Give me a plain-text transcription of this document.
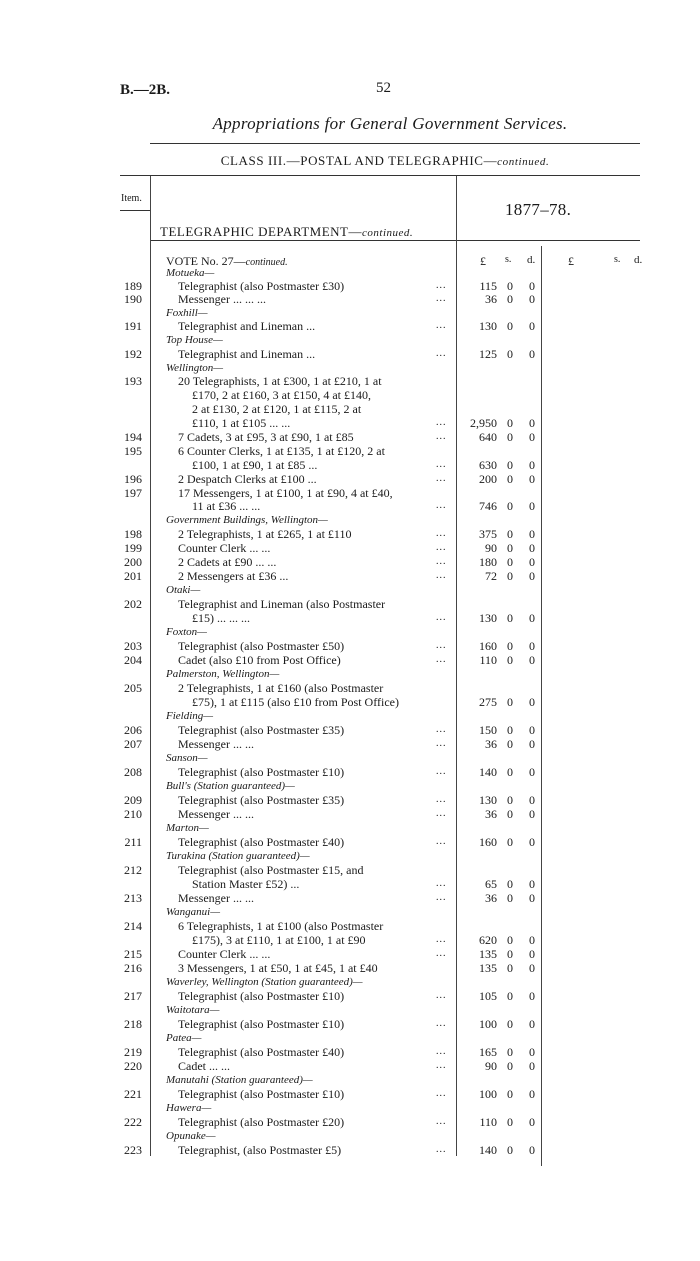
B.—2B.	52
Appropriations for General Government Services.
CLASS III.—POSTAL AND TELEGRAPHIC—continued.
Item.
1877–78.
TELEGRAPHIC DEPARTMENT—continued.
VOTE No. 27—continued.	£ s. d.	£	s. d.
Motueka—
189	Telegraphist (also Postmaster £30)	...	115 0 0
190	Messenger ... ... ...	...	36 0 0
Foxhill—
191	Telegraphist and Lineman ...	...	130 0 0
Top House—
192	Telegraphist and Lineman ...	...	125 0 0
Wellington—
193	20 Telegraphists, 1 at £300, 1 at £210, 1 at
£170, 2 at £160, 3 at £150, 4 at £140,
2 at £130, 2 at £120, 1 at £115, 2 at
£110, 1 at £105 ... ...	...	2,950 0 0
194	7 Cadets, 3 at £95, 3 at £90, 1 at £85	...	640 0 0
195	6 Counter Clerks, 1 at £135, 1 at £120, 2 at
£100, 1 at £90, 1 at £85 ...	...	630 0 0
196	2 Despatch Clerks at £100 ...	...	200 0 0
197	17 Messengers, 1 at £100, 1 at £90, 4 at £40,
11 at £36 ... ...	...	746 0 0
Government Buildings, Wellington—
198	2 Telegraphists, 1 at £265, 1 at £110	...	375 0 0
199	Counter Clerk ... ...	...	90 0 0
200	2 Cadets at £90 ... ...	...	180 0 0
201	2 Messengers at £36 ...	...	72 0 0
Otaki—
202	Telegraphist and Lineman (also Postmaster
£15) ... ... ...	...	130 0 0
Foxton—
203	Telegraphist (also Postmaster £50)	...	160 0 0
204	Cadet (also £10 from Post Office)	...	110 0 0
Palmerston, Wellington—
205	2 Telegraphists, 1 at £160 (also Postmaster
£75), 1 at £115 (also £10 from Post Office)	275 0 0
Fielding—
206	Telegraphist (also Postmaster £35)	...	150 0 0
207	Messenger ... ...	...	36 0 0
Sanson—
208	Telegraphist (also Postmaster £10)	...	140 0 0
Bull's (Station guaranteed)—
209	Telegraphist (also Postmaster £35)	...	130 0 0
210	Messenger ... ...	...	36 0 0
Marton—
211	Telegraphist (also Postmaster £40)	...	160 0 0
Turakina (Station guaranteed)—
212	Telegraphist (also Postmaster £15, and
Station Master £52) ...	...	65 0 0
213	Messenger ... ...	...	36 0 0
Wanganui—
214	6 Telegraphists, 1 at £100 (also Postmaster
£175), 3 at £110, 1 at £100, 1 at £90	...	620 0 0
215	Counter Clerk ... ...	...	135 0 0
216	3 Messengers, 1 at £50, 1 at £45, 1 at £40	135 0 0
Waverley, Wellington (Station guaranteed)—
217	Telegraphist (also Postmaster £10)	...	105 0 0
Waitotara—
218	Telegraphist (also Postmaster £10)	...	100 0 0
Patea—
219	Telegraphist (also Postmaster £40)	...	165 0 0
220	Cadet ... ...	...	90 0 0
Manutahi (Station guaranteed)—
221	Telegraphist (also Postmaster £10)	...	100 0 0
Hawera—
222	Telegraphist (also Postmaster £20)	...	110 0 0
Opunake—
223	Telegraphist, (also Postmaster £5)	...	140 0 0
